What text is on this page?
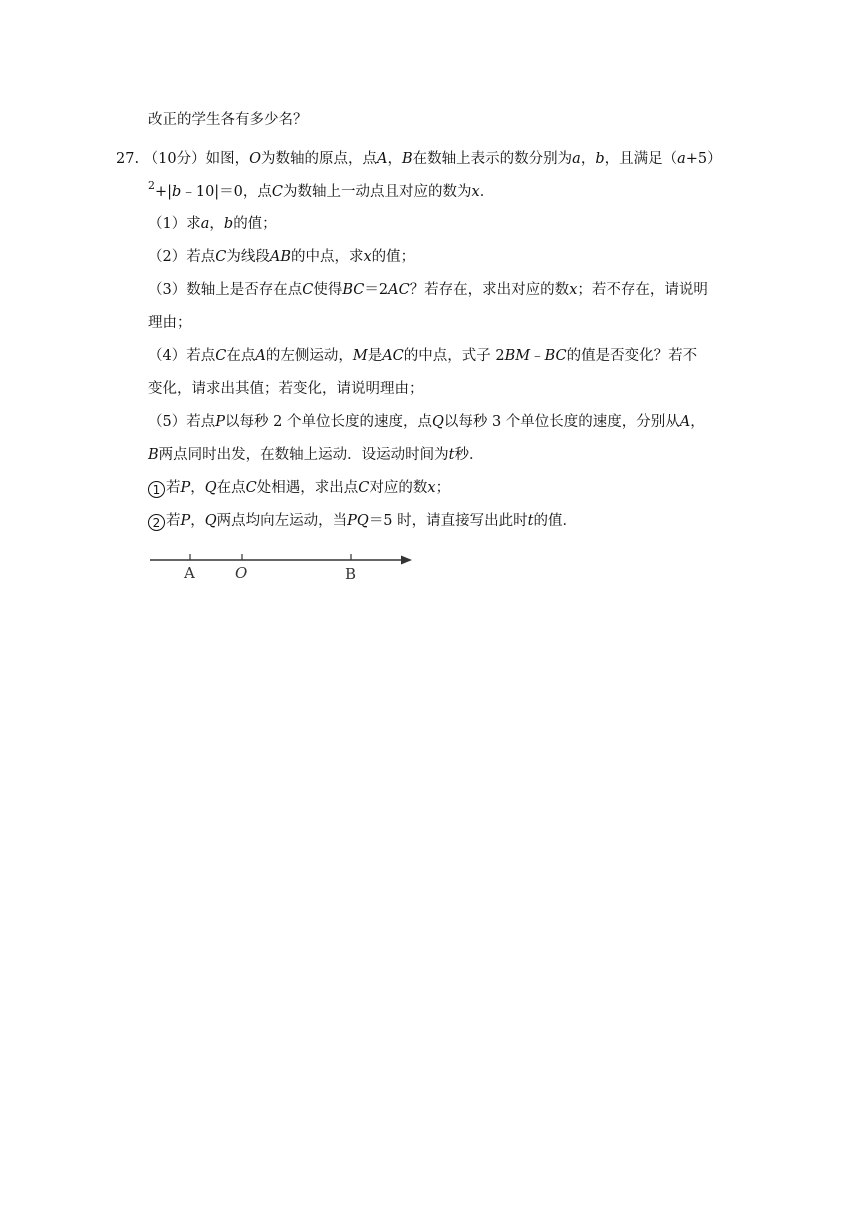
改正的学生各有多少名？
27. （10分）如图，O为数轴的原点，点A，B在数轴上表示的数分别为a，b，且满足（a+5）
2 +|b﹣10|＝0，点C为数轴上一动点且对应的数为x．
（1）求a，b的值；
（2）若点C为线段AB的中点，求x的值；
（3）数轴上是否存在点C使得BC＝2AC？若存在，求出对应的数x；若不存在，请说明
理由；
（4）若点C在点A的左侧运动，M是AC的中点，式子 2BM﹣BC的值是否变化？若不
变化，请求出其值；若变化，请说明理由；
（5）若点P以每秒 2 个单位长度的速度，点Q以每秒 3 个单位长度的速度，分别从A，
B两点同时出发，在数轴上运动．设运动时间为t秒．
1 若P，Q在点C处相遇，求出点C对应的数x；
2 若P，Q两点均向左运动，当PQ＝5 时，请直接写出此时t的值．
A	O	B
